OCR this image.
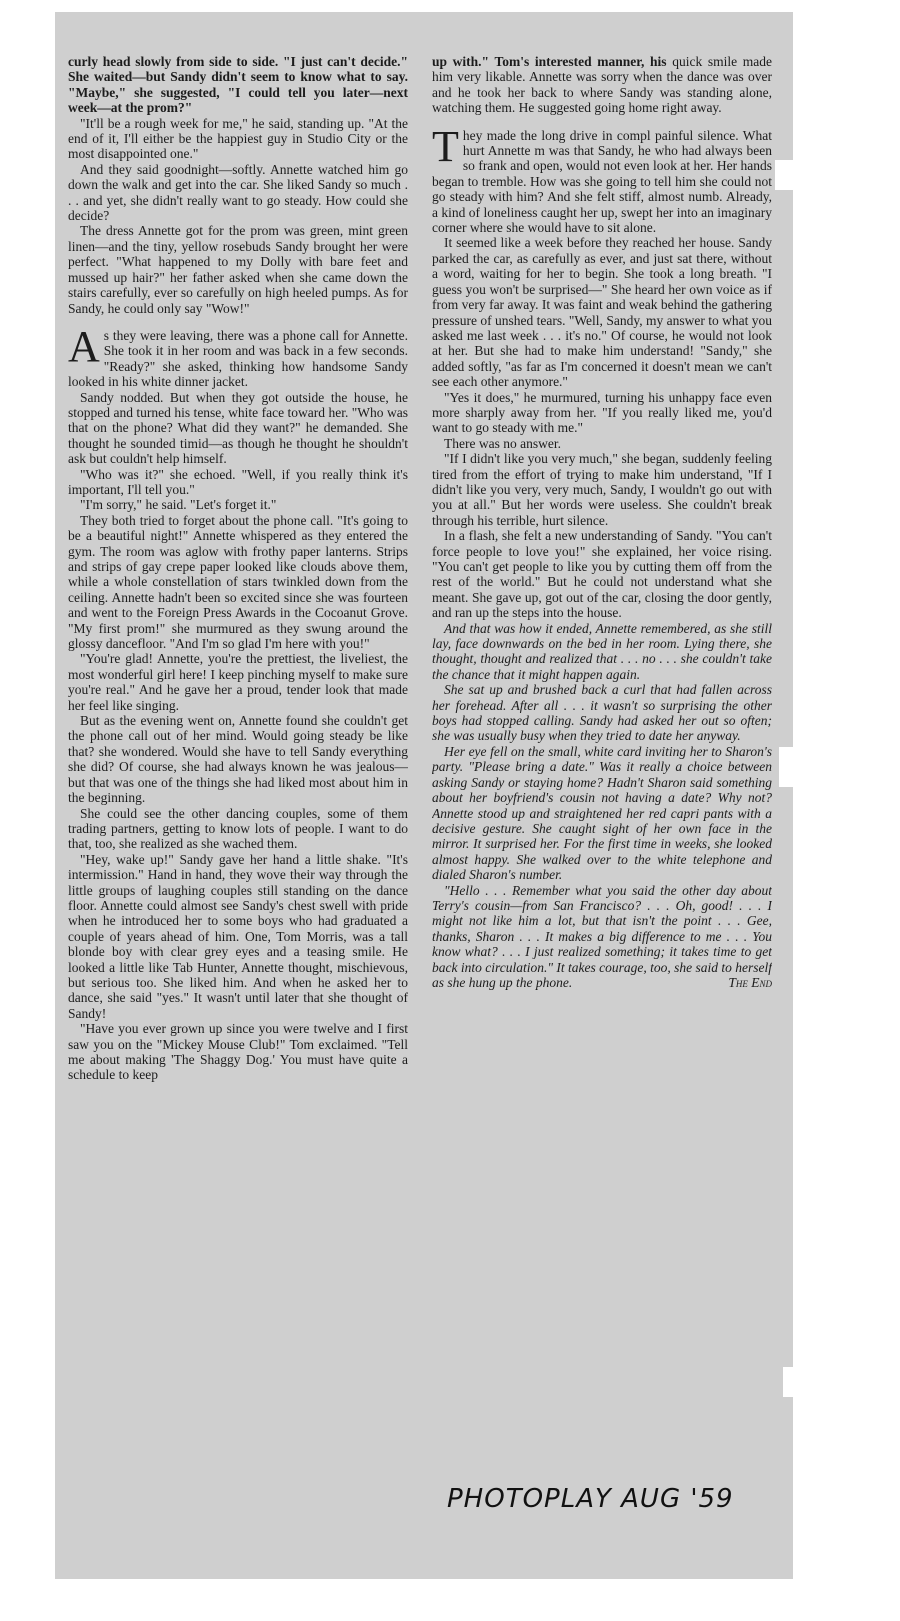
curly head slowly from side to side. "I just can't decide." She waited—but Sandy didn't seem to know what to say. "Maybe," she suggested, "I could tell you later—next week—at the prom?"

"It'll be a rough week for me," he said, standing up. "At the end of it, I'll either be the happiest guy in Studio City or the most disappointed one."

And they said goodnight—softly. Annette watched him go down the walk and get into the car. She liked Sandy so much . . . and yet, she didn't really want to go steady. How could she decide?

The dress Annette got for the prom was green, mint green linen—and the tiny, yellow rosebuds Sandy brought her were perfect. "What happened to my Dolly with bare feet and mussed up hair?" her father asked when she came down the stairs carefully, ever so carefully on high heeled pumps. As for Sandy, he could only say "Wow!"

As they were leaving, there was a phone call for Annette. She took it in her room and was back in a few seconds. "Ready?" she asked, thinking how handsome Sandy looked in his white dinner jacket.

Sandy nodded. But when they got outside the house, he stopped and turned his tense, white face toward her. "Who was that on the phone? What did they want?" he demanded. She thought he sounded timid—as though he thought he shouldn't ask but couldn't help himself.

"Who was it?" she echoed. "Well, if you really think it's important, I'll tell you."

"I'm sorry," he said. "Let's forget it."

They both tried to forget about the phone call. "It's going to be a beautiful night!" Annette whispered as they entered the gym. The room was aglow with frothy paper lanterns. Strips and strips of gay crepe paper looked like clouds above them, while a whole constellation of stars twinkled down from the ceiling. Annette hadn't been so excited since she was fourteen and went to the Foreign Press Awards in the Cocoanut Grove. "My first prom!" she murmured as they swung around the glossy dancefloor. "And I'm so glad I'm here with you!"

"You're glad! Annette, you're the prettiest, the liveliest, the most wonderful girl here! I keep pinching myself to make sure you're real." And he gave her a proud, tender look that made her feel like singing.

But as the evening went on, Annette found she couldn't get the phone call out of her mind. Would going steady be like that? she wondered. Would she have to tell Sandy everything she did? Of course, she had always known he was jealous—but that was one of the things she had liked most about him in the beginning.

She could see the other dancing couples, some of them trading partners, getting to know lots of people. I want to do that, too, she realized as she wached them.

"Hey, wake up!" Sandy gave her hand a little shake. "It's intermission." Hand in hand, they wove their way through the little groups of laughing couples still standing on the dance floor. Annette could almost see Sandy's chest swell with pride when he introduced her to some boys who had graduated a couple of years ahead of him. One, Tom Morris, was a tall blonde boy with clear grey eyes and a teasing smile. He looked a little like Tab Hunter, Annette thought, mischievous, but serious too. She liked him. And when he asked her to dance, she said "yes." It wasn't until later that she thought of Sandy!

"Have you ever grown up since you were twelve and I first saw you on the "Mickey Mouse Club!" Tom exclaimed. "Tell me about making 'The Shaggy Dog.' You must have quite a schedule to keep

up with." Tom's interested manner, his quick smile made him very likable. Annette was sorry when the dance was over and he took her back to where Sandy was standing alone, watching them. He suggested going home right away.

They made the long drive in compl painful silence. What hurt Annette m was that Sandy, he who had always been so frank and open, would not even look at her. Her hands began to tremble. How was she going to tell him she could not go steady with him? And she felt stiff, almost numb. Already, a kind of loneliness caught her up, swept her into an imaginary corner where she would have to sit alone.

It seemed like a week before they reached her house. Sandy parked the car, as carefully as ever, and just sat there, without a word, waiting for her to begin. She took a long breath. "I guess you won't be surprised—" She heard her own voice as if from very far away. It was faint and weak behind the gathering pressure of unshed tears. "Well, Sandy, my answer to what you asked me last week . . . it's no." Of course, he would not look at her. But she had to make him understand! "Sandy," she added softly, "as far as I'm concerned it doesn't mean we can't see each other anymore."

"Yes it does," he murmured, turning his unhappy face even more sharply away from her. "If you really liked me, you'd want to go steady with me."

There was no answer.

"If I didn't like you very much," she began, suddenly feeling tired from the effort of trying to make him understand, "If I didn't like you very, very much, Sandy, I wouldn't go out with you at all." But her words were useless. She couldn't break through his terrible, hurt silence.

In a flash, she felt a new understanding of Sandy. "You can't force people to love you!" she explained, her voice rising. "You can't get people to like you by cutting them off from the rest of the world." But he could not understand what she meant. She gave up, got out of the car, closing the door gently, and ran up the steps into the house.

And that was how it ended, Annette remembered, as she still lay, face downwards on the bed in her room. Lying there, she thought, thought and realized that . . . no . . . she couldn't take the chance that it might happen again.

She sat up and brushed back a curl that had fallen across her forehead. After all . . . it wasn't so surprising the other boys had stopped calling. Sandy had asked her out so often; she was usually busy when they tried to date her anyway.

Her eye fell on the small, white card inviting her to Sharon's party. "Please bring a date." Was it really a choice between asking Sandy or staying home? Hadn't Sharon said something about her boyfriend's cousin not having a date? Why not? Annette stood up and straightened her red capri pants with a decisive gesture. She caught sight of her own face in the mirror. It surprised her. For the first time in weeks, she looked almost happy. She walked over to the white telephone and dialed Sharon's number.

"Hello . . . Remember what you said the other day about Terry's cousin—from San Francisco? . . . Oh, good! . . . I might not like him a lot, but that isn't the point . . . Gee, thanks, Sharon . . . It makes a big difference to me . . . You know what? . . . I just realized something; it takes time to get back into circulation." It takes courage, too, she said to herself as she hung up the phone.	The End

PHOTOPLAY AUG '59
